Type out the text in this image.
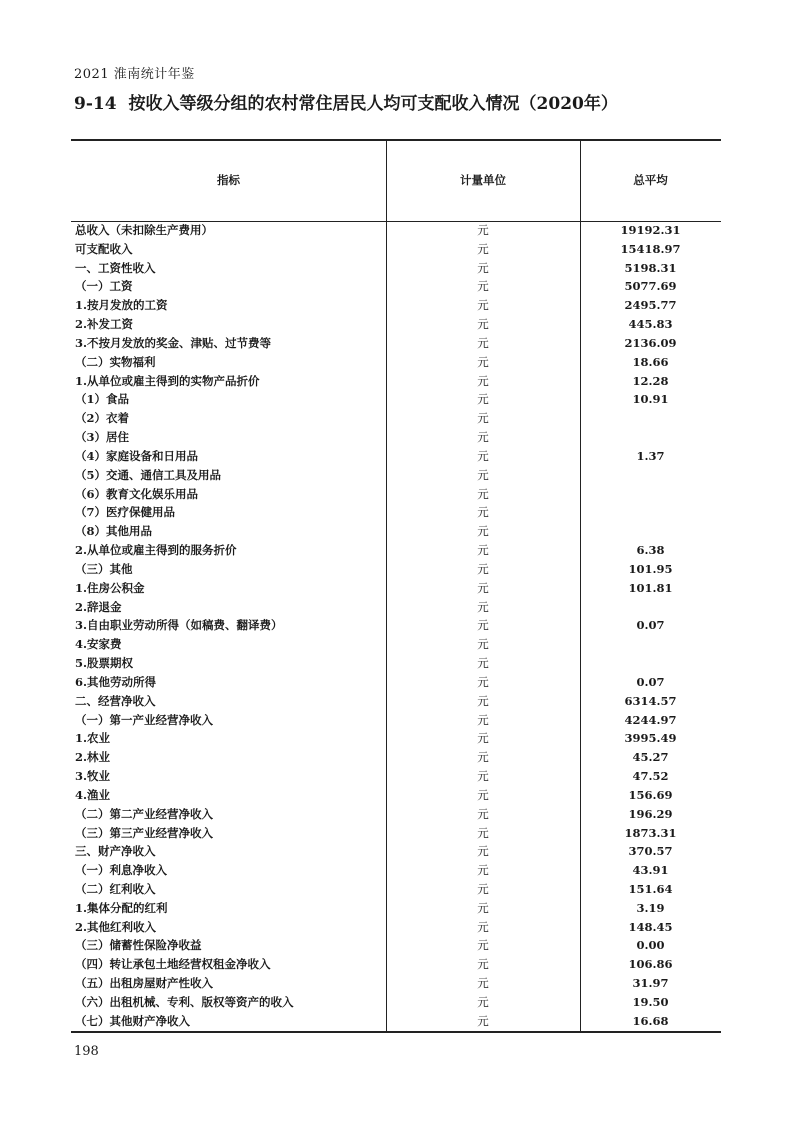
2021 淮南统计年鉴
9-14 按收入等级分组的农村常住居民人均可支配收入情况（2020年）
指标	计量单位	总平均
总收入（未扣除生产费用）	元	19192.31
可支配收入	元	15418.97
一、工资性收入	元	5198.31
（一）工资	元	5077.69
1.按月发放的工资	元	2495.77
2.补发工资	元	445.83
3.不按月发放的奖金、津贴、过节费等	元	2136.09
（二）实物福利	元	18.66
1.从单位或雇主得到的实物产品折价	元	12.28
（1）食品	元	10.91
（2）衣着	元
（3）居住	元
（4）家庭设备和日用品	元	1.37
（5）交通、通信工具及用品	元
（6）教育文化娱乐用品	元
（7）医疗保健用品	元
（8）其他用品	元
2.从单位或雇主得到的服务折价	元	6.38
（三）其他	元	101.95
1.住房公积金	元	101.81
2.辞退金	元
3.自由职业劳动所得（如稿费、翻译费）	元	0.07
4.安家费	元
5.股票期权	元
6.其他劳动所得	元	0.07
二、经营净收入	元	6314.57
（一）第一产业经营净收入	元	4244.97
1.农业	元	3995.49
2.林业	元	45.27
3.牧业	元	47.52
4.渔业	元	156.69
（二）第二产业经营净收入	元	196.29
（三）第三产业经营净收入	元	1873.31
三、财产净收入	元	370.57
（一）利息净收入	元	43.91
（二）红利收入	元	151.64
1.集体分配的红利	元	3.19
2.其他红利收入	元	148.45
（三）储蓄性保险净收益	元	0.00
（四）转让承包土地经营权租金净收入	元	106.86
（五）出租房屋财产性收入	元	31.97
（六）出租机械、专利、版权等资产的收入	元	19.50
（七）其他财产净收入	元	16.68
198
